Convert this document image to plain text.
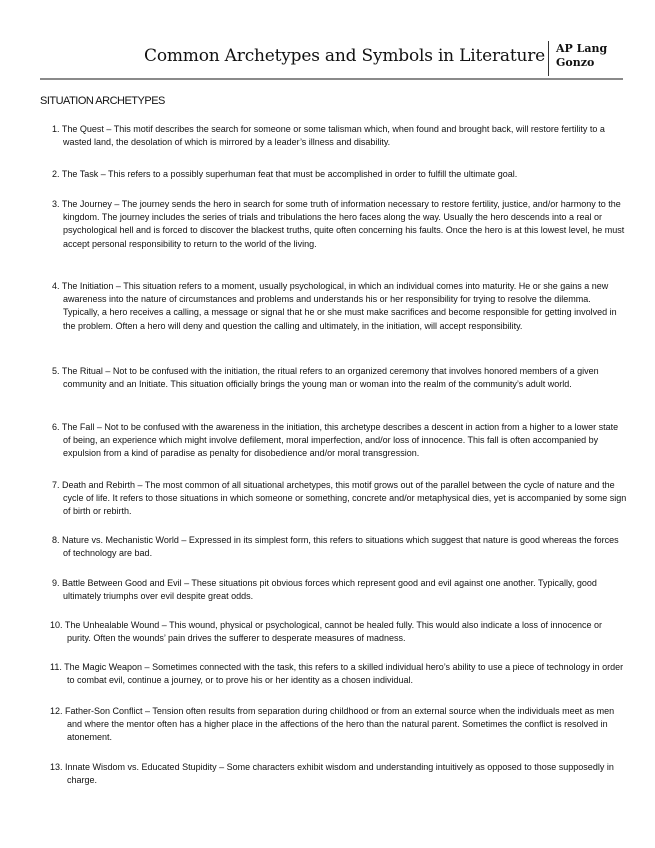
Common Archetypes and Symbols in Literature AP Lang
Gonzo
SITUATION ARCHETYPES

1. The Quest – This motif describes the search for someone or some talisman which, when found and brought back, will restore fertility to a wasted land, the desolation of which is mirrored by a leader’s illness and disability.

2. The Task – This refers to a possibly superhuman feat that must be accomplished in order to fulfill the ultimate goal.

3. The Journey – The journey sends the hero in search for some truth of information necessary to restore fertility, justice, and/or harmony to the kingdom. The journey includes the series of trials and tribulations the hero faces along the way. Usually the hero descends into a real or psychological hell and is forced to discover the blackest truths, quite often concerning his faults. Once the hero is at this lowest level, he must accept personal responsibility to return to the world of the living.

4. The Initiation – This situation refers to a moment, usually psychological, in which an individual comes into maturity. He or she gains a new awareness into the nature of circumstances and problems and understands his or her responsibility for trying to resolve the dilemma. Typically, a hero receives a calling, a message or signal that he or she must make sacrifices and become responsible for getting involved in the problem. Often a hero will deny and question the calling and ultimately, in the initiation, will accept responsibility.

5. The Ritual – Not to be confused with the initiation, the ritual refers to an organized ceremony that involves honored members of a given community and an Initiate. This situation officially brings the young man or woman into the realm of the community’s adult world.

6. The Fall – Not to be confused with the awareness in the initiation, this archetype describes a descent in action from a higher to a lower state of being, an experience which might involve defilement, moral imperfection, and/or loss of innocence. This fall is often accompanied by expulsion from a kind of paradise as penalty for disobedience and/or moral transgression.

7. Death and Rebirth – The most common of all situational archetypes, this motif grows out of the parallel between the cycle of nature and the cycle of life. It refers to those situations in which someone or something, concrete and/or metaphysical dies, yet is accompanied by some sign of birth or rebirth.

8. Nature vs. Mechanistic World – Expressed in its simplest form, this refers to situations which suggest that nature is good whereas the forces of technology are bad.

9. Battle Between Good and Evil – These situations pit obvious forces which represent good and evil against one another. Typically, good ultimately triumphs over evil despite great odds.

10. The Unhealable Wound – This wound, physical or psychological, cannot be healed fully. This would also indicate a loss of innocence or purity. Often the wounds’ pain drives the sufferer to desperate measures of madness.

11. The Magic Weapon – Sometimes connected with the task, this refers to a skilled individual hero’s ability to use a piece of technology in order to combat evil, continue a journey, or to prove his or her identity as a chosen individual.

12. Father-Son Conflict – Tension often results from separation during childhood or from an external source when the individuals meet as men and where the mentor often has a higher place in the affections of the hero than the natural parent. Sometimes the conflict is resolved in atonement.

13. Innate Wisdom vs. Educated Stupidity – Some characters exhibit wisdom and understanding intuitively as opposed to those supposedly in charge.
